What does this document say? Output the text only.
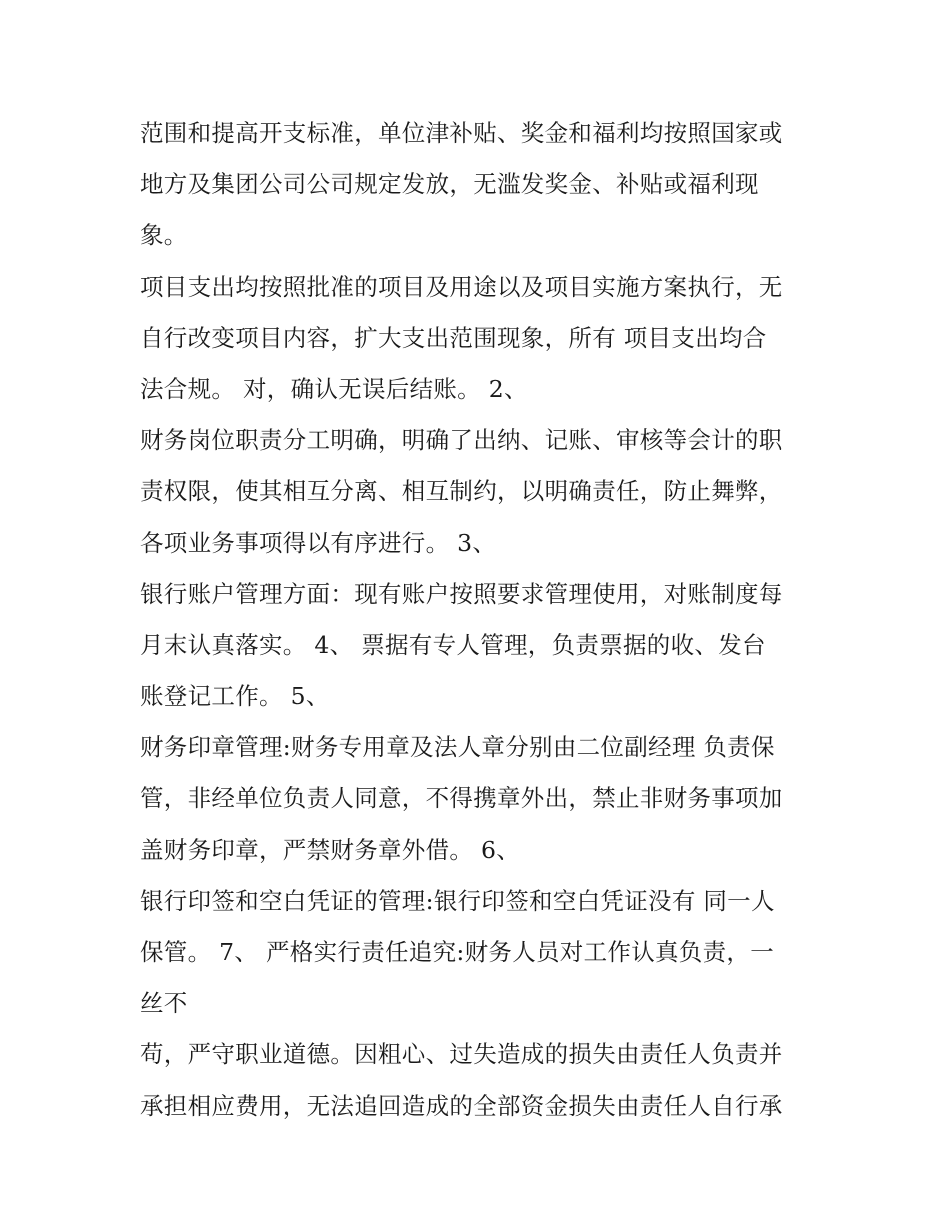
范围和提高开支标准，单位津补贴、奖金和福利均按照国家或
地方及集团公司公司规定发放，无滥发奖金、补贴或福利现
象。
项目支出均按照批准的项目及用途以及项目实施方案执行，无
自行改变项目内容，扩大支出范围现象，所有 项目支出均合
法合规。 对，确认无误后结账。 2、
财务岗位职责分工明确，明确了出纳、记账、审核等会计的职
责权限，使其相互分离、相互制约，以明确责任，防止舞弊，
各项业务事项得以有序进行。 3、
银行账户管理方面：现有账户按照要求管理使用，对账制度每
月末认真落实。 4、 票据有专人管理，负责票据的收、发台
账登记工作。 5、
财务印章管理:财务专用章及法人章分别由二位副经理 负责保
管，非经单位负责人同意，不得携章外出，禁止非财务事项加
盖财务印章，严禁财务章外借。 6、
银行印签和空白凭证的管理:银行印签和空白凭证没有 同一人
保管。 7、 严格实行责任追究:财务人员对工作认真负责，一
丝不
苟，严守职业道德。因粗心、过失造成的损失由责任人负责并
承担相应费用，无法追回造成的全部资金损失由责任人自行承
